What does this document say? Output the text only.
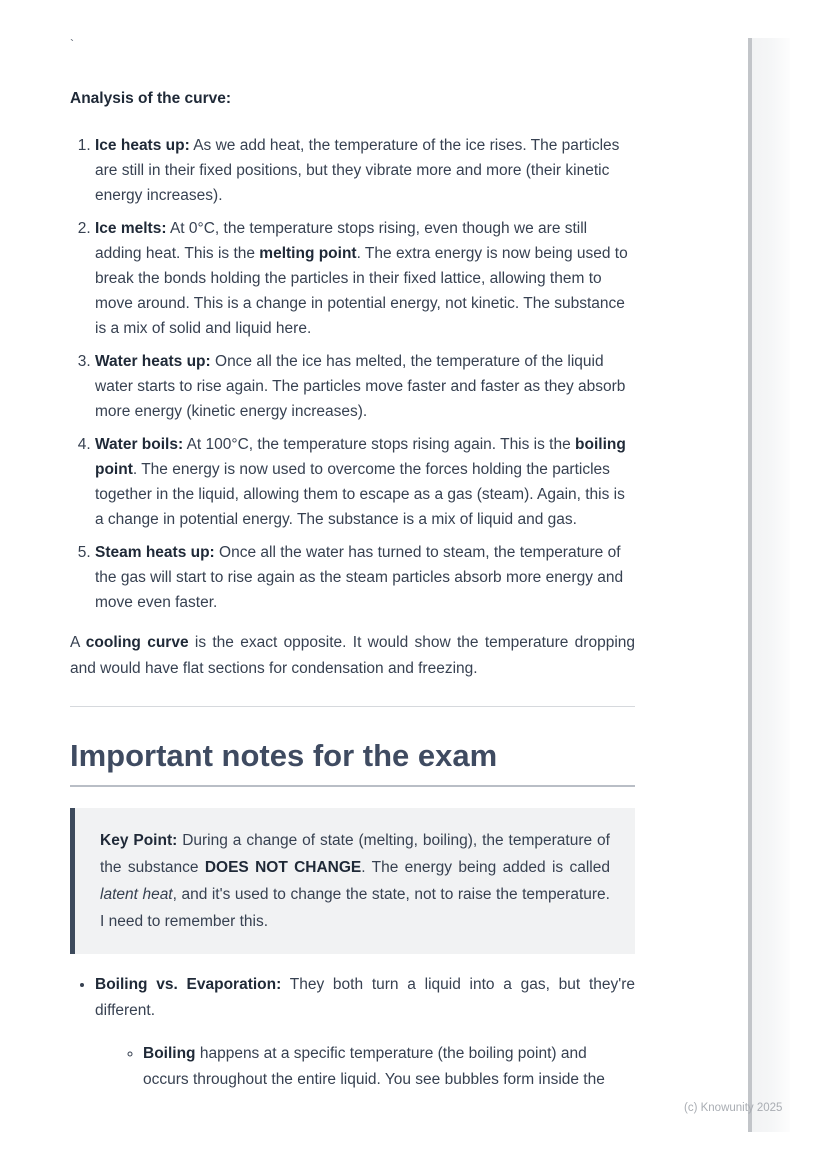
`

Analysis of the curve:

1. Ice heats up: As we add heat, the temperature of the ice rises. The particles are still in their fixed positions, but they vibrate more and more (their kinetic energy increases).
2. Ice melts: At 0°C, the temperature stops rising, even though we are still adding heat. This is the melting point. The extra energy is now being used to break the bonds holding the particles in their fixed lattice, allowing them to move around. This is a change in potential energy, not kinetic. The substance is a mix of solid and liquid here.
3. Water heats up: Once all the ice has melted, the temperature of the liquid water starts to rise again. The particles move faster and faster as they absorb more energy (kinetic energy increases).
4. Water boils: At 100°C, the temperature stops rising again. This is the boiling point. The energy is now used to overcome the forces holding the particles together in the liquid, allowing them to escape as a gas (steam). Again, this is a change in potential energy. The substance is a mix of liquid and gas.
5. Steam heats up: Once all the water has turned to steam, the temperature of the gas will start to rise again as the steam particles absorb more energy and move even faster.

A cooling curve is the exact opposite. It would show the temperature dropping and would have flat sections for condensation and freezing.

Important notes for the exam

Key Point: During a change of state (melting, boiling), the temperature of the substance DOES NOT CHANGE. The energy being added is called latent heat, and it's used to change the state, not to raise the temperature. I need to remember this.

• Boiling vs. Evaporation: They both turn a liquid into a gas, but they're different.
◦ Boiling happens at a specific temperature (the boiling point) and occurs throughout the entire liquid. You see bubbles form inside the
(c) Knowunity 2025
